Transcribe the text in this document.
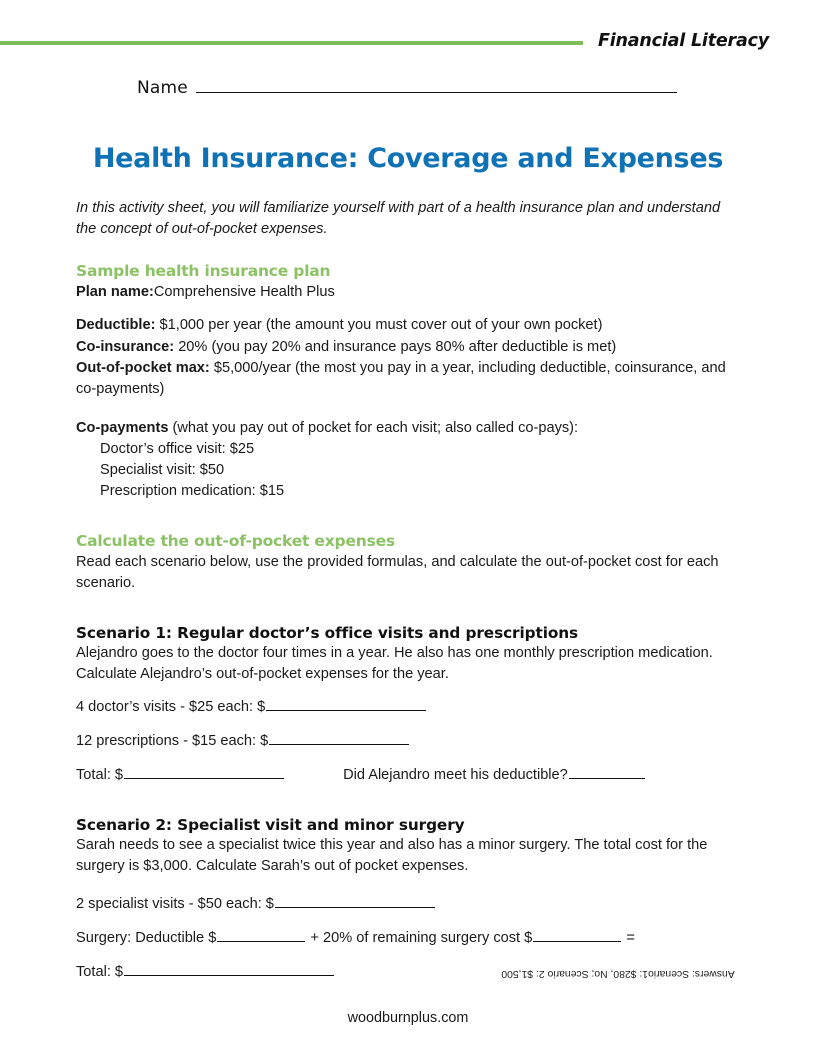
Financial Literacy
Name
Health Insurance: Coverage and Expenses

In this activity sheet, you will familiarize yourself with part of a health insurance plan and understand the concept of out-of-pocket expenses.

Sample health insurance plan

Plan name:Comprehensive Health Plus

Deductible: $1,000 per year (the amount you must cover out of your own pocket)

Co-insurance: 20% (you pay 20% and insurance pays 80% after deductible is met)

Out-of-pocket max: $5,000/year (the most you pay in a year, including deductible, coinsurance, and co-payments)

Co-payments (what you pay out of pocket for each visit; also called co-pays):

Doctor’s office visit: $25
Specialist visit: $50
Prescription medication: $15
Calculate the out-of-pocket expenses

Read each scenario below, use the provided formulas, and calculate the out-of-pocket cost for each scenario.

Scenario 1: Regular doctor’s office visits and prescriptions

Alejandro goes to the doctor four times in a year. He also has one monthly prescription medication. Calculate Alejandro’s out-of-pocket expenses for the year.

4 doctor’s visits - $25 each: $

12 prescriptions - $15 each: $

Total: $	Did Alejandro meet his deductible?

Scenario 2: Specialist visit and minor surgery

Sarah needs to see a specialist twice this year and also has a minor surgery. The total cost for the surgery is $3,000. Calculate Sarah’s out of pocket expenses.

2 specialist visits - $50 each: $

Surgery: Deductible $	+ 20% of remaining surgery cost $	=

Total: $	Answers: Scenario1: $280, No; Scenario 2: $1,500
woodburnplus.com
